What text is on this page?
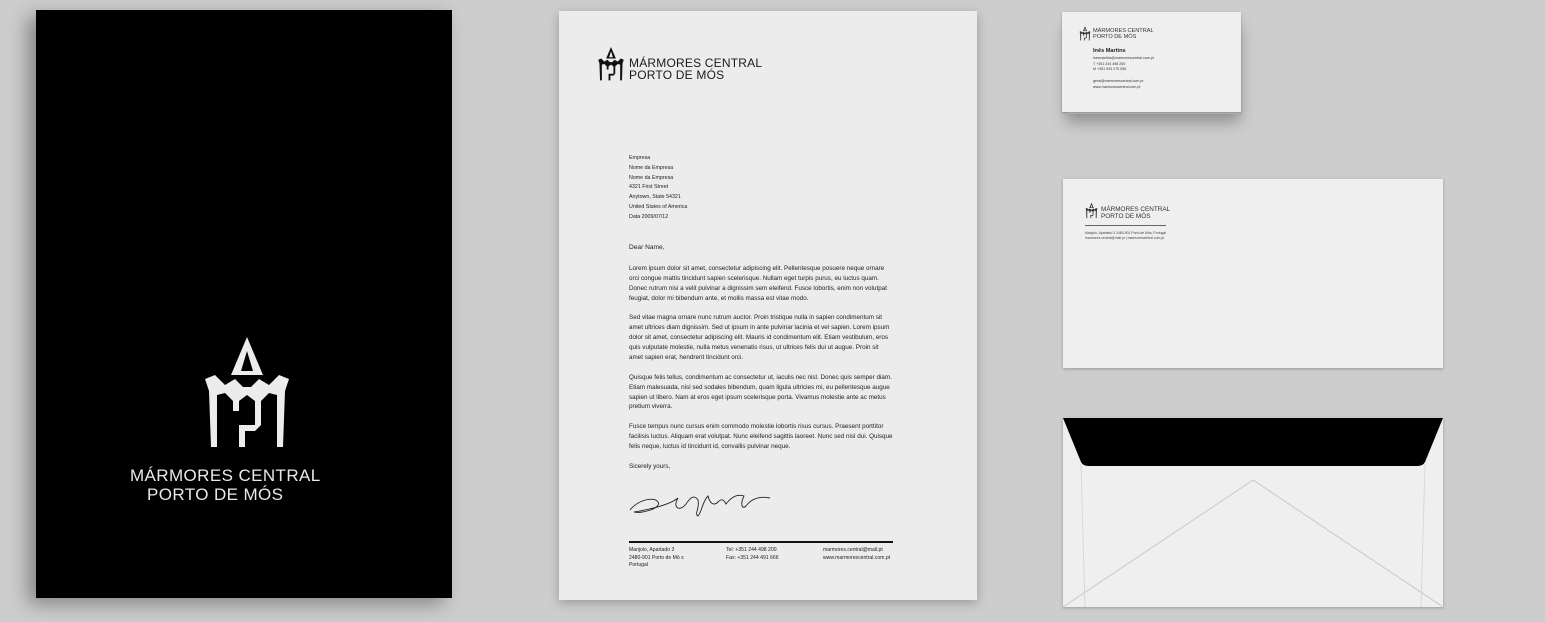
MÁRMORES CENTRAL
PORTO DE MÓS
MÁRMORES CENTRAL
PORTO DE MÓS
Empresa
Nome da Empresa
Nome da Empresa
4321 First Street
Anytown, State 54321
United States of America
Data 2009/07/12
Dear Name,

Lorem ipsum dolor sit amet, consectetur adipiscing elit. Pellentesque posuere neque ornare orci congue mattis tincidunt sapien scelerisque. Nullam eget turpis purus, eu luctus quam. Donec rutrum nisi a velit pulvinar a dignissim sem eleifend. Fusce lobortis, enim non volutpat feugiat, dolor mi bibendum ante, et mollis massa est vitae modo.

Sed vitae magna ornare nunc rutrum auctor. Proin tristique nulla in sapien condimentum sit amet ultrices diam dignissim. Sed ut ipsum in ante pulvinar lacinia et vel sapien. Lorem ipsum dolor sit amet, consectetur adipiscing elit. Mauris id condimentum elit. Etiam vestibulum, eros quis vulputate molestie, nulla metus venenatis risus, ut ultrices felis dui ut augue. Proin sit amet sapien erat, hendrerit tincidunt orci.

Quisque felis tellus, condimentum ac consectetur ut, iaculis nec nisl. Donec quis semper diam. Etiam malesuada, nisl sed sodales bibendum, quam ligula ultricies mi, eu pellentesque augue sapien ut libero. Nam at eros eget ipsum scelerisque porta. Vivamus molestie ante ac metus pretium viverra.

Fusce tempus nunc cursus enim commodo molestie lobortis risus cursus. Praesent porttitor facilisis luctus. Aliquam erat volutpat. Nunc eleifend sagittis laoreet. Nunc sed nisl dui. Quisque felis neque, luctus id tincidunt id, convallis pulvinar neque.

Sicerely yours,

Manjolo, Apartado 3
2480-901 Porto de Mó s
Portugal
Tel: +351 244 498 200
Fax: +351 244 491 666
marmores.central@mail.pt
www.marmorescentral.com.pt
MÁRMORES CENTRAL
PORTO DE MÓS
Inês Martins
inesmartins@marmorescentral.com.pt
T +351 244 498 200
M +351 933 275 056
geral@marmorescentral.com.pt
www.marmorescentral.com.pt
MÁRMORES CENTRAL
PORTO DE MÓS
Manjolo, Apartado 3 2480-901 Porto de Mós, Portugal
marmores.central@mail.pt | marmorescentral.com.pt
